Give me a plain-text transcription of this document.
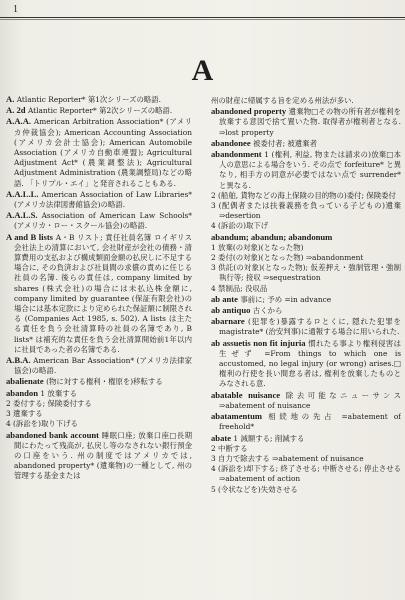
1
A

A. Atlantic Reporter* 第1次シリーズの略語.

A. 2d Atlantic Reporter* 第2次シリーズの略語.

A.A.A. American Arbitration Association* (アメリカ仲裁協会); American Accounting Association (アメリカ会計士協会); American Automobile Association (アメリカ自動車連盟); Agricultural Adjustment Act* (農業調整法); Agricultural Adjustment Administration (農業調整局)などの略語. 「トリプル・エイ」と発音されることもある.

A.A.L.L. American Association of Law Libraries* (アメリカ法律図書館協会)の略語.

A.A.L.S. Association of American Law Schools* (アメリカ・ロー・スクール協会)の略語.

A and B lists A・B リスト; 責任社員名簿 ロイギリス会社法上の清算において, 会社財産が会社の債務・清算費用の支払および構成類面金額の払戻しに不足する場合に, その負済および社員間の求償の責めに任じる社員の名簿. 後らの責任は, company limited by shares (株式会社)の場合には未払込株金額に, company limited by guarantee (保証有限会社)の場合には基本定款により定められた保証額に制限される (Companies Act 1985, s. 502). A lists は主たる責任を負う会社清算時の社員の名簿であり, B lists* は補充的な責任を負う会社清算開始前1年以内に社員であった者の名簿である.

A.B.A. American Bar Association* (アメリカ法律家協会)の略語.

abalienate (物に対する権利・権原を)移転する

abandon 1 放棄する

2 委付する; 保険委付する

3 遺棄する

4 (訴訟を)取り下げる

abandoned bank account 睡眠口座; 放棄口座□長期間にわたって残高が, 払戻し等のなされない銀行預金の口座をいう. 州の制度ではアメリカでは, abandoned property* (遺棄物)の一種として, 州の管理する基金または

州の財産に帰属する旨を定める州法が多い.

abandoned property 遺棄物□その物の所有者が権利を放棄する意図で捨て置いた物. 取得者が権利者となる. ⇒lost property

abandonee 被委付者; 被遺棄者

abandonment 1 (権利, 利益, 物または請求の)放棄□本人の意思による場合をいう. その点で forfeiture* と異なり, 相手方の同意が必要ではない点で surrender* と異なる.

2 (船舶, 貨物などの海上保険の目的物の)委付; 保険委付

3 (配偶者または扶養義務を負っている子どもの)遺棄 ⇒desertion

4 (訴訟の)取下げ

abandum; abandun; abandonum

1 放棄(の対象)(となった物)

2 委付(の対象)(となった物) ⇒abandonment

3 供託(の対象)(となった物); 仮差押え・強制管理・強制執行等; 接収 ⇒sequestration

4 禁制品; 没収品

ab ante 事前に; 予め =in advance

ab antiquo 古くから

abarnare (犯罪を)暴露するロとくに, 隠れた犯罪を magistrate* (治安判事)に通報する場合に用いられた.

ab assuetis non fit injuria 慣れたる事より権利侵害は生ぜず =From things to which one is accustomed, no legal injury (or wrong) arises.□権利の行使を長い間怠る者は, 権利を放棄したものとみなされる意.

abatable nuisance 除去可能なニューサンス ⇒abatement of nuisance

abatamentum 相続地の先占 =abatement of freehold*

abate 1 減額する; 削減する

2 中断する

3 自力で除去する ⇒abatement of nuisance

4 (訴訟を)却下する; 終了させる; 中断させる; 停止させる ⇒abatement of action

5 (令状などを)失効させる
